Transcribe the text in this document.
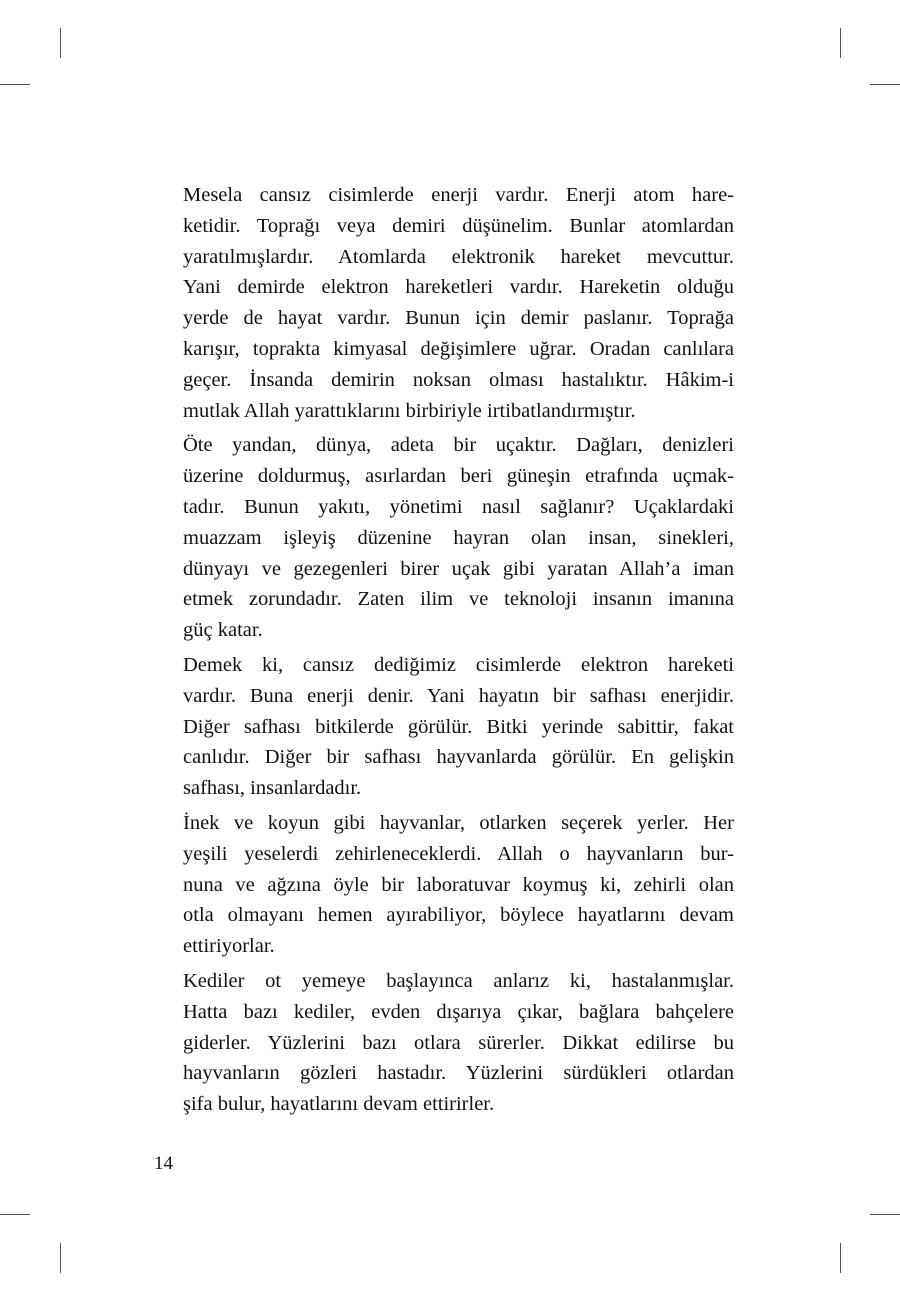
Mesela cansız cisimlerde enerji vardır. Enerji atom hare-
ketidir. Toprağı veya demiri düşünelim. Bunlar atomlardan
yaratılmışlardır. Atomlarda elektronik hareket mevcuttur.
Yani demirde elektron hareketleri vardır. Hareketin olduğu
yerde de hayat vardır. Bunun için demir paslanır. Toprağa
karışır, toprakta kimyasal değişimlere uğrar. Oradan canlılara
geçer. İnsanda demirin noksan olması hastalıktır. Hâkim-i
mutlak Allah yarattıklarını birbiriyle irtibatlandırmıştır.

Öte yandan, dünya, adeta bir uçaktır. Dağları, denizleri
üzerine doldurmuş, asırlardan beri güneşin etrafında uçmak-
tadır. Bunun yakıtı, yönetimi nasıl sağlanır? Uçaklardaki
muazzam işleyiş düzenine hayran olan insan, sinekleri,
dünyayı ve gezegenleri birer uçak gibi yaratan Allah’a iman
etmek zorundadır. Zaten ilim ve teknoloji insanın imanına
güç katar.

Demek ki, cansız dediğimiz cisimlerde elektron hareketi
vardır. Buna enerji denir. Yani hayatın bir safhası enerjidir.
Diğer safhası bitkilerde görülür. Bitki yerinde sabittir, fakat
canlıdır. Diğer bir safhası hayvanlarda görülür. En gelişkin
safhası, insanlardadır.

İnek ve koyun gibi hayvanlar, otlarken seçerek yerler. Her
yeşili yeselerdi zehirleneceklerdi. Allah o hayvanların bur-
nuna ve ağzına öyle bir laboratuvar koymuş ki, zehirli olan
otla olmayanı hemen ayırabiliyor, böylece hayatlarını devam
ettiriyorlar.

Kediler ot yemeye başlayınca anlarız ki, hastalanmışlar.
Hatta bazı kediler, evden dışarıya çıkar, bağlara bahçelere
giderler. Yüzlerini bazı otlara sürerler. Dikkat edilirse bu
hayvanların gözleri hastadır. Yüzlerini sürdükleri otlardan
şifa bulur, hayatlarını devam ettirirler.

14
